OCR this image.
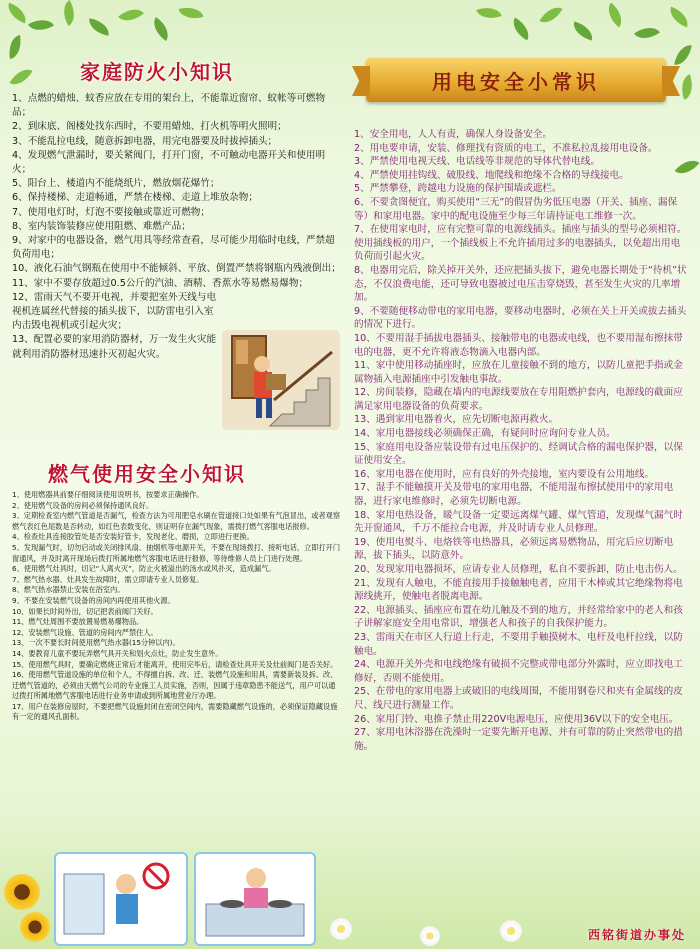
家庭防火小知识

1、点燃的蜡烛、蚊香应放在专用的架台上，不能靠近窗帘、蚊帐等可燃物品；

2、到床底、阁楼处找东西时，不要用蜡烛、打火机等明火照明；

3、不能乱拉电线，随意拆卸电器，用完电器要及时拔掉插头；

4、发现燃气泄漏时，要关紧阀门，打开门窗，不可触动电器开关和使用明火；

5、阳台上、楼道内不能烧纸片，燃放烟花爆竹；

6、保持楼梯、走道畅通，严禁在楼梯、走道上堆放杂物；

7、使用电灯时，灯泡不要接触或靠近可燃物；

8、室内装饰装修应使用阻燃、难燃产品；

9、对家中的电器设备，燃气用具等经常查看，尽可能少用临时电线，严禁超负荷用电；

10、液化石油气钢瓶在使用中不能倾斜、平放、倒置严禁将钢瓶内残液倒出；

11、家中不要存放超过0.5公斤的汽油、酒精、香蕉水等易燃易爆物；

12、雷雨天气不要开电视，并要把室外天线与电视机连属丝代替接的插头拔下，以防雷电引入室内击毁电视机或引起火灾；

13、配置必要的家用消防器材，万一发生火灾能就利用消防器材迅速扑灭初起火灾。

燃气使用安全小知识

1、使用燃器具前要仔细阅读使用说明书，按要求正确操作。

2、使用燃气设备的房间必须保持通风良好。

3、定期检查室内燃气管道是否漏气，检查方法为可用肥皂水刷在管道接口处如果有气泡冒出，或者观察燃气表红色尾数是否转动，如红色表数变化，则证明存在漏气现象，需拨打燃气客服电话报修。

4、检查灶具连接胶管处是否安装好管卡，发现老化、磨损，立即进行更换。

5、发现漏气时，切勿启动或关闭排风扇、抽烟机等电源开关，不要在现场拨打、接听电话，立即打开门窗通风，并及时离开现场后拨打所属地燃气客服电话进行报修，等待维修人员上门进行处理。

6、使用燃气灶具时，切记“人离火灭”，防止火被溢出的汤水或风扑灭，造成漏气。

7、燃气热水器、灶具发生故障时，需立即请专业人员修复。

8、燃气热水器禁止安装在浴室内。

9、不要在安装燃气设备的房间内再使用其他火源。

10、如果长时间外出，切记把表前阀门关好。

11、燃气灶周围不要放置易燃易爆物品。

12、安装燃气设施、管道的房间内严禁住人。

13、一次不要长时间使用燃气热水器(15分钟以内)。

14、要教育儿童不要玩弄燃气具开关和划火点灶，防止发生意外。

15、使用燃气具时，要确定燃烧正常后才能离开，使用完毕后，请检查灶具开关及灶前阀门是否关好。

16、使用燃气管道设施的单位和个人，不得擅自拆、改、迁、装燃气设施和用具，需要新装及拆、改、迁燃气管道的，必须由天燃气公司的专业施工人员实施，否则，因属于违章隐患不能送气，用户可以通过拨打所属地燃气客服电话进行业务申请或到所属地营业厅办理。

17、用户在装修房屋时，不要把燃气设施封闭在密闭空间内，需要隐藏燃气设施的，必须保证隐藏设施有一定的通风孔面积。

用电安全小常识

1、安全用电，人人有责，确保人身设备安全。

2、用电要申请，安装、修理找有资质的电工，不准私拉乱接用电设备。

3、严禁使用电视天线、电话线等非规范的导体代替电线。

4、严禁使用挂钩线、破股线、地爬线和绝缘不合格的导线接电。

5、严禁攀登，跨越电力设施的保护围墙或遮栏。

6、不要贪图便宜，购买使用“三无”的假冒伪劣低压电器（开关、插座、漏保等）和家用电器。家中的配电设施至少每三年请持证电工维修一次。

7、在使用家电时，应有完整可靠的电源线插头。插座与插头的型号必须相符。使用插线板的用户，一个插线板上不允许插用过多的电器插头，以免超出用电负荷而引起火灾。

8、电器用完后，除关掉开关外，还应把插头拔下，避免电器长期处于“待机”状态，不仅浪费电能，还可导致电器被过电压击穿烧毁，甚至发生火灾的几率增加。

9、不要随便移动带电的家用电器，要移动电器时，必须在关上开关或拔去插头的情况下进行。

10、不要用湿手插拔电器插头、接触带电的电器或电线，也不要用湿布擦抹带电的电器，更不允许将液态物滴入电器内部。

11、家中使用移动插座时，应放在儿童接触不到的地方，以防儿童把手指或金属物插入电源插座中引发触电事故。

12、房间装修，隐藏在墙内的电源线要放在专用阻燃护套内，电源线的截面应满足家用电器设备的负荷要求。

13、遇到家用电器着火，应先切断电源再救火。

14、家用电器接线必须确保正确，有疑问时应询问专业人员。

15、家庭用电设备应装设带有过电压保护的、经调试合格的漏电保护器，以保证使用安全。

16、家用电器在使用时，应有良好的外壳接地，室内要设有公用地线。

17、湿手不能触摸开关及带电的家用电器，不能用湿布擦拭使用中的家用电器，进行家电维修时，必须先切断电源。

18、家用电热设备，暖气设备一定要远离煤气罐、煤气管道，发现煤气漏气时先开窗通风，千万不能拉合电源，并及时请专业人员修理。

19、使用电熨斗、电烙铁等电热器具，必须远离易燃物品，用完后应切断电源，拔下插头，以防意外。

20、发现家用电器损坏，应请专业人员修理，私自不要拆卸，防止电击伤人。

21、发现有人触电，不能直接用手接触触电者，应用干木棒或其它绝缘物将电源线挑开，使触电者脱离电源。

22、电源插头、插座应布置在幼儿触及不到的地方，并经常给家中的老人和孩子讲解家庭安全用电常识，增强老人和孩子的自我保护能力。

23、雷雨天在市区人行道上行走，不要用手触摸树木、电杆及电杆拉线，以防触电。

24、电源开关外壳和电线绝缘有破损不完整或带电部分外露时，应立即找电工修好，否则不能使用。

25、在带电的家用电器上或破旧的电线周围，不能用钢卷尺和夹有金属线的皮尺、线尺进行测量工作。

26、家用门铃、电推子禁止用220V电源电压，应使用36V以下的安全电压。

27、家用电沐浴器在洗澡时一定要先断开电源、并有可靠的防止突然带电的措施。

西铭街道办事处
